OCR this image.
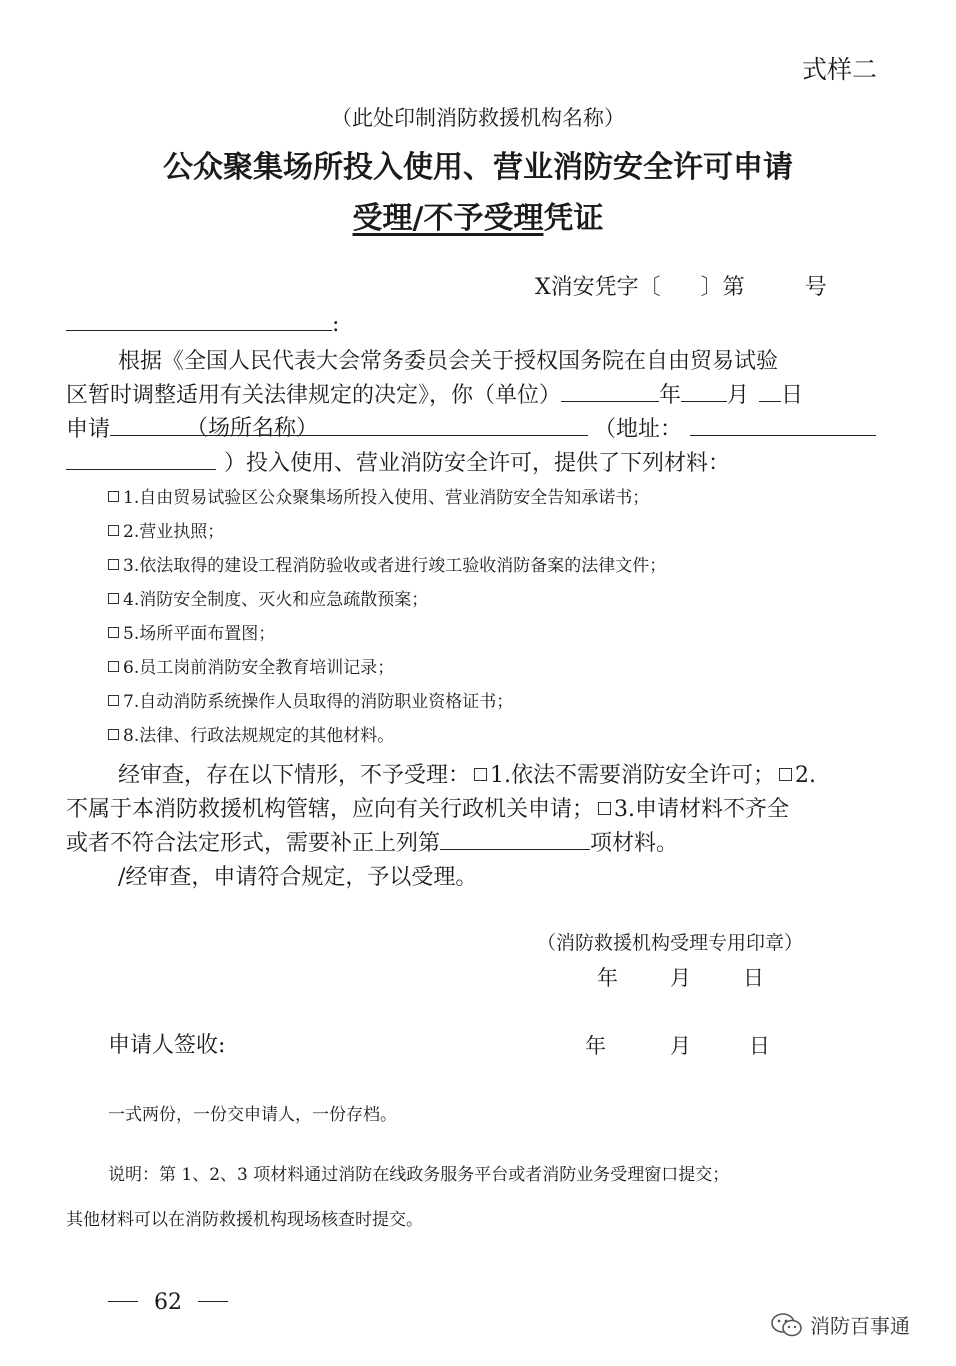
式样二
（此处印制消防救援机构名称）
公众聚集场所投入使用、营业消防安全许可申请
受理/不予受理凭证
X消安凭字〔 〕第	号
:
根据《全国人民代表大会常务委员会关于授权国务院在自由贸易试验
区暂时调整适用有关法律规定的决定》，你（单位）	年 月 日
申请	（场所名称）	（地址：
）投入使用、营业消防安全许可，提供了下列材料：
1.自由贸易试验区公众聚集场所投入使用、营业消防安全告知承诺书；
2.营业执照；
3.依法取得的建设工程消防验收或者进行竣工验收消防备案的法律文件；
4.消防安全制度、灭火和应急疏散预案；
5.场所平面布置图；
6.员工岗前消防安全教育培训记录；
7.自动消防系统操作人员取得的消防职业资格证书；
8.法律、行政法规规定的其他材料。
经审查，存在以下情形，不予受理： 1.依法不需要消防安全许可； 2.
不属于本消防救援机构管辖，应向有关行政机关申请； 3.申请材料不齐全
或者不符合法定形式，需要补正上列第	项材料。
/经审查，申请符合规定，予以受理。
（消防救援机构受理专用印章）
年 月 日
申请人签收:	年	月	日
一式两份，一份交申请人，一份存档。
说明：第 1、2、3 项材料通过消防在线政务服务平台或者消防业务受理窗口提交；
其他材料可以在消防救援机构现场核查时提交。
62
消防百事通
